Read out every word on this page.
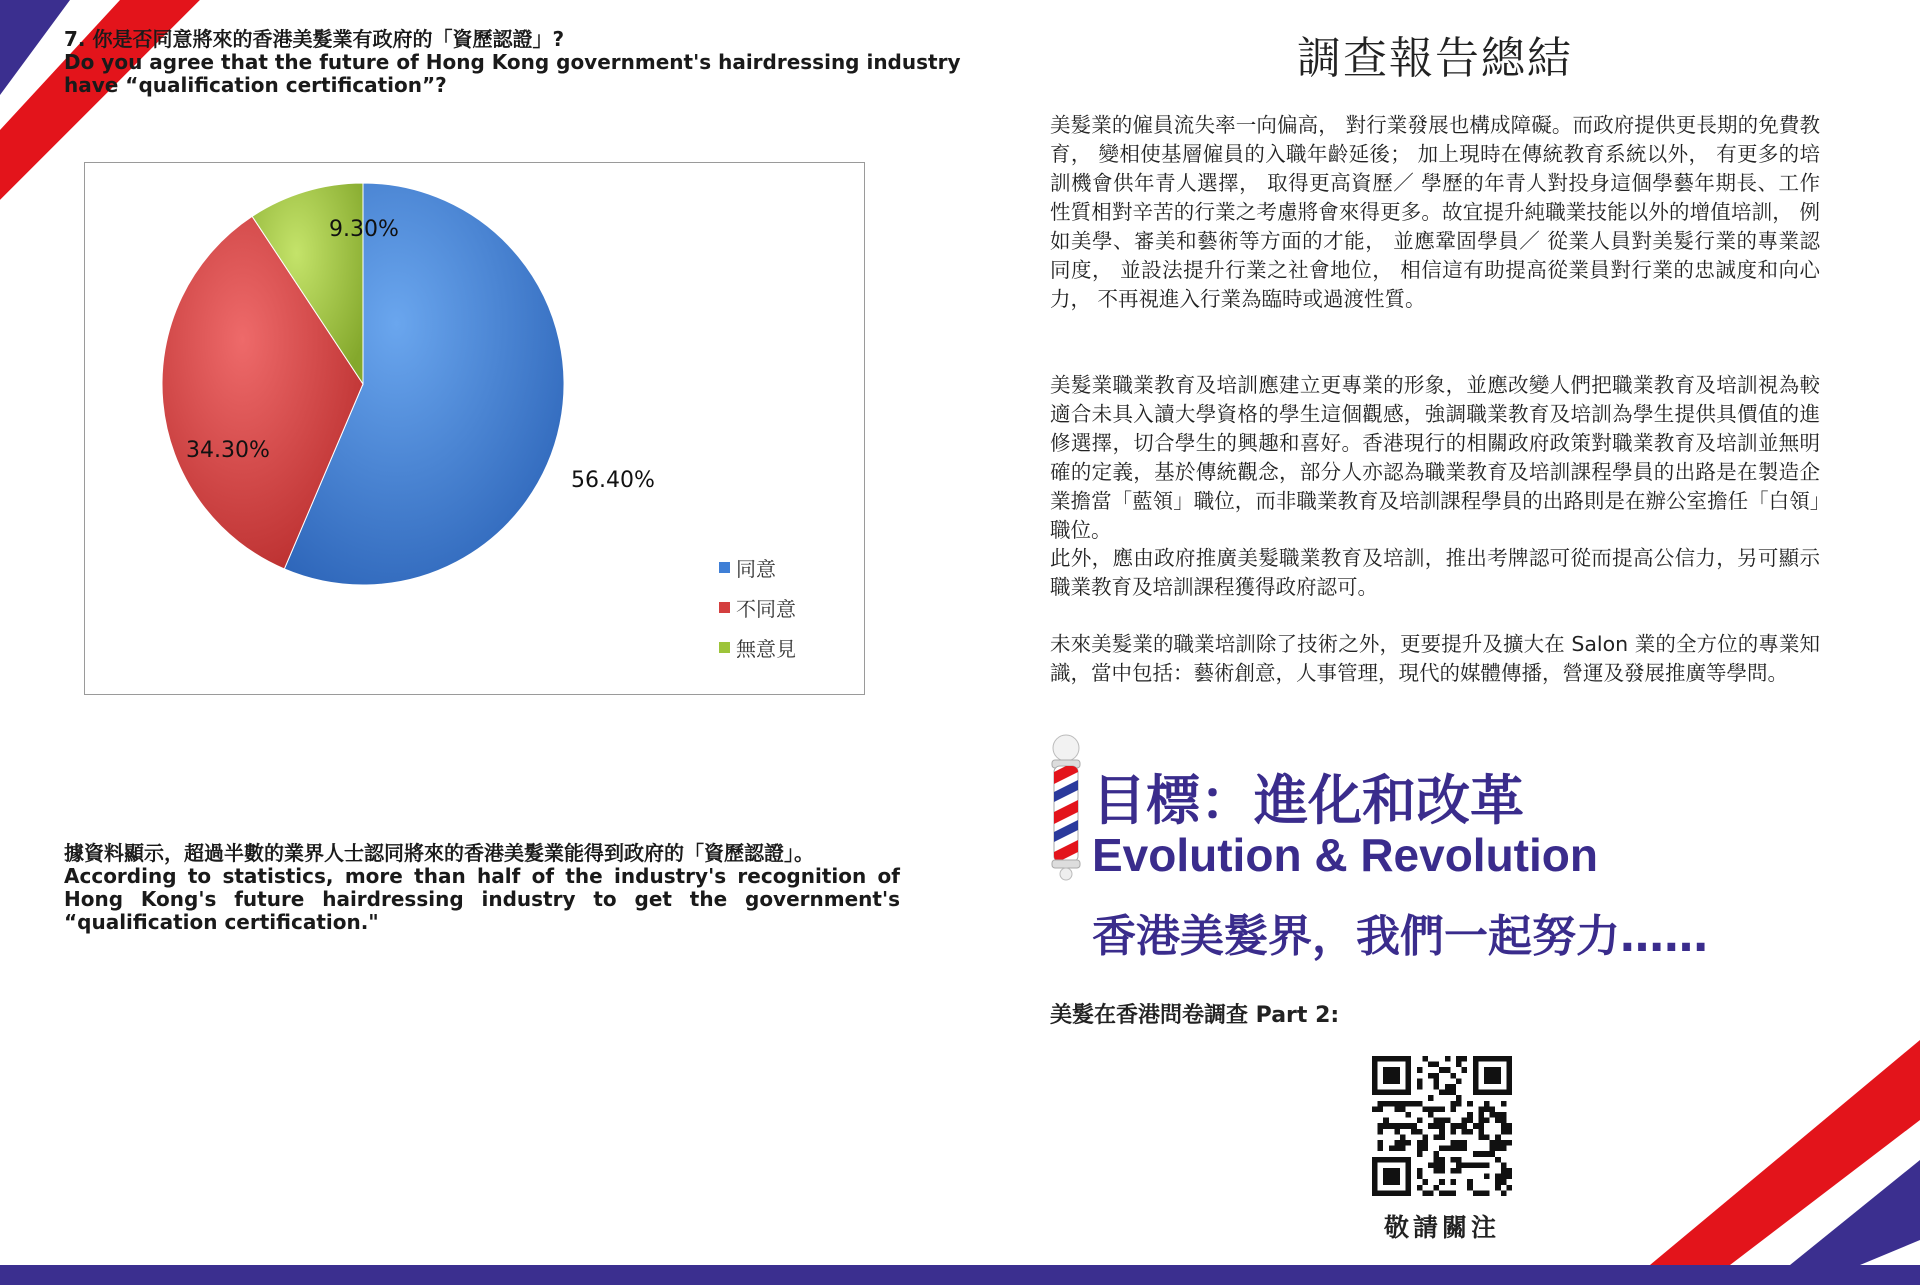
7. 你是否同意將來的香港美髮業有政府的「資歷認證」?
Do you agree that the future of Hong Kong government's hairdressing industry
have “qualification certification”?
56.40%
34.30%
9.30%
同意
不同意
無意見
據資料顯示，超過半數的業界人士認同將來的香港美髮業能得到政府的「資歷認證」。
According to statistics, more than half of the industry's recognition of Hong Kong's future hairdressing industry to get the government's “qualification certification."
調查報告總結
美髮業的僱員流失率一向偏高， 對行業發展也構成障礙。而政府提供更長期的免費教育， 變相使基層僱員的入職年齡延後； 加上現時在傳統教育系統以外， 有更多的培訓機會供年青人選擇， 取得更高資歷／ 學歷的年青人對投身這個學藝年期長、工作性質相對辛苦的行業之考慮將會來得更多。故宜提升純職業技能以外的增值培訓， 例如美學、審美和藝術等方面的才能， 並應鞏固學員／ 從業人員對美髮行業的專業認同度， 並設法提升行業之社會地位， 相信這有助提高從業員對行業的忠誠度和向心力， 不再視進入行業為臨時或過渡性質。
美髮業職業教育及培訓應建立更專業的形象，並應改變人們把職業教育及培訓視為較適合未具入讀大學資格的學生這個觀感，強調職業教育及培訓為學生提供具價值的進修選擇，切合學生的興趣和喜好。香港現行的相關政府政策對職業教育及培訓並無明確的定義，基於傳統觀念，部分人亦認為職業教育及培訓課程學員的出路是在製造企業擔當「藍領」職位，而非職業教育及培訓課程學員的出路則是在辦公室擔任「白領」職位。
此外，應由政府推廣美髮職業教育及培訓，推出考牌認可從而提高公信力，另可顯示職業教育及培訓課程獲得政府認可。
未來美髮業的職業培訓除了技術之外，更要提升及擴大在 Salon 業的全方位的專業知識，當中包括：藝術創意，人事管理，現代的媒體傳播，營運及發展推廣等學問。
目標：進化和改革
Evolution & Revolution
香港美髮界，我們一起努力……
美髮在香港問卷調查 Part 2:
敬請關注
